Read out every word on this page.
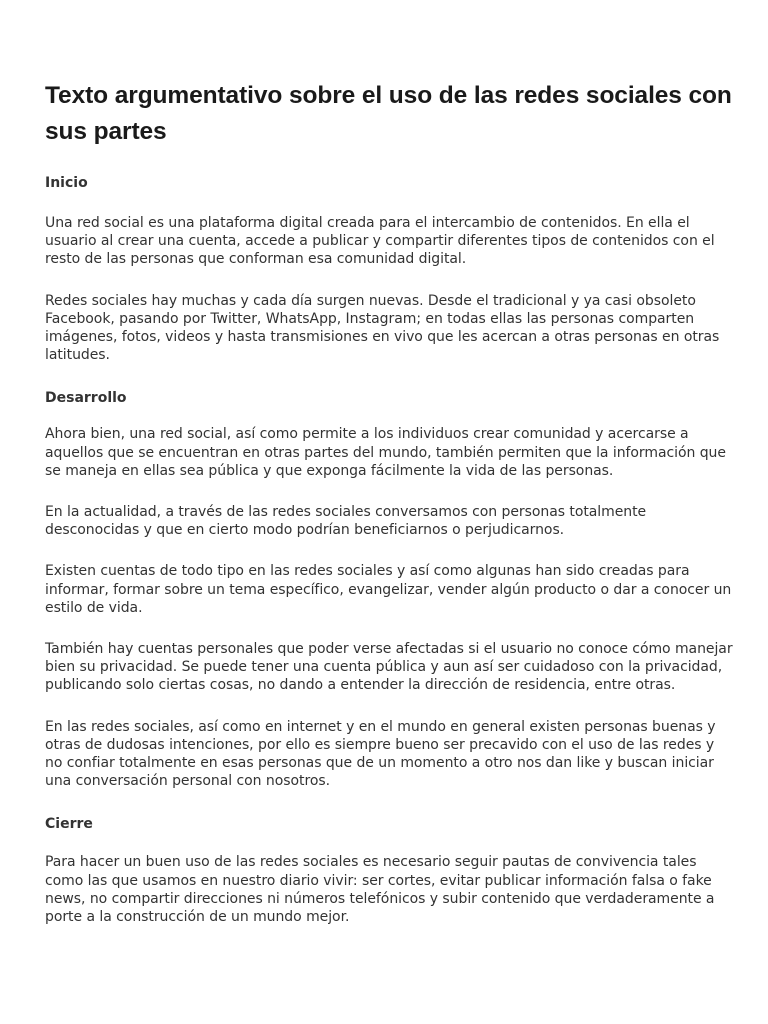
Texto argumentativo sobre el uso de las redes sociales con sus partes
Inicio

Una red social es una plataforma digital creada para el intercambio de contenidos. En ella el usuario al crear una cuenta, accede a publicar y compartir diferentes tipos de contenidos con el resto de las personas que conforman esa comunidad digital.

Redes sociales hay muchas y cada día surgen nuevas. Desde el tradicional y ya casi obsoleto Facebook, pasando por Twitter, WhatsApp, Instagram; en todas ellas las personas comparten imágenes, fotos, videos y hasta transmisiones en vivo que les acercan a otras personas en otras latitudes.

Desarrollo

Ahora bien, una red social, así como permite a los individuos crear comunidad y acercarse a aquellos que se encuentran en otras partes del mundo, también permiten que la información que se maneja en ellas sea pública y que exponga fácilmente la vida de las personas.

En la actualidad, a través de las redes sociales conversamos con personas totalmente desconocidas y que en cierto modo podrían beneficiarnos o perjudicarnos.

Existen cuentas de todo tipo en las redes sociales y así como algunas han sido creadas para informar, formar sobre un tema específico, evangelizar, vender algún producto o dar a conocer un estilo de vida.

También hay cuentas personales que poder verse afectadas si el usuario no conoce cómo manejar bien su privacidad. Se puede tener una cuenta pública y aun así ser cuidadoso con la privacidad, publicando solo ciertas cosas, no dando a entender la dirección de residencia, entre otras.

En las redes sociales, así como en internet y en el mundo en general existen personas buenas y otras de dudosas intenciones, por ello es siempre bueno ser precavido con el uso de las redes y no confiar totalmente en esas personas que de un momento a otro nos dan like y buscan iniciar una conversación personal con nosotros.

Cierre

Para hacer un buen uso de las redes sociales es necesario seguir pautas de convivencia tales como las que usamos en nuestro diario vivir: ser cortes, evitar publicar información falsa o fake news, no compartir direcciones ni números telefónicos y subir contenido que verdaderamente a porte a la construcción de un mundo mejor.
